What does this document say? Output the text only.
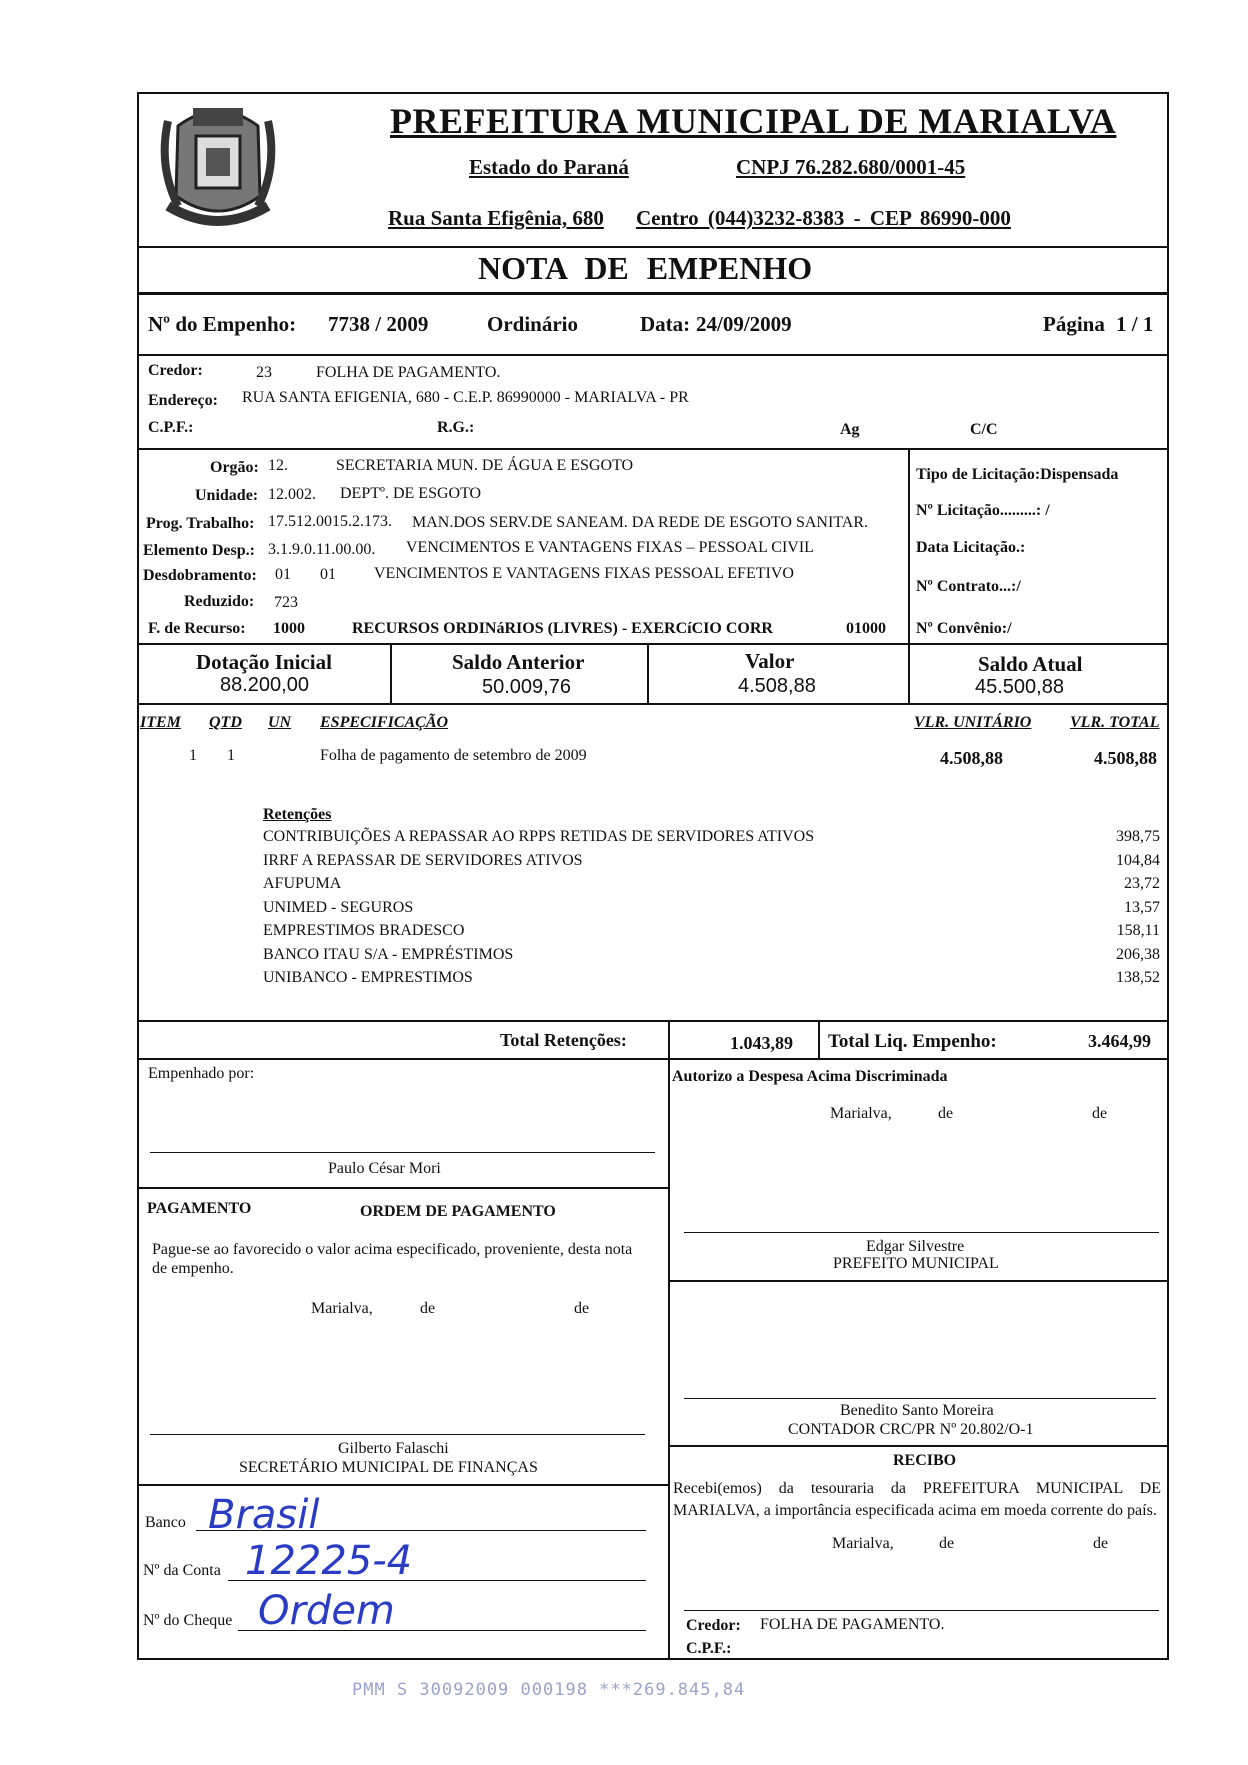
PREFEITURA MUNICIPAL DE MARIALVA
Estado do Paraná	CNPJ 76.282.680/0001-45
Rua Santa Efigênia, 680 Centro (044)3232-8383 - CEP 86990-000
NOTA DE EMPENHO
Nº do Empenho: 7738 / 2009	Ordinário	Data: 24/09/2009	Página 1 / 1
Credor:	23	FOLHA DE PAGAMENTO.
Endereço: RUA SANTA EFIGENIA, 680 - C.E.P. 86990000 - MARIALVA - PR
C.P.F.:	R.G.:	Ag	C/C
Orgão: 12.	SECRETARIA MUN. DE ÁGUA E ESGOTO
Unidade: 12.002. DEPTº. DE ESGOTO
Prog. Trabalho: 17.512.0015.2.173. MAN.DOS SERV.DE SANEAM. DA REDE DE ESGOTO SANITAR.
Elemento Desp.: 3.1.9.0.11.00.00. VENCIMENTOS E VANTAGENS FIXAS – PESSOAL CIVIL
Desdobramento: 01 01 VENCIMENTOS E VANTAGENS FIXAS PESSOAL EFETIVO
Reduzido: 723
F. de Recurso: 1000	RECURSOS ORDINáRIOS (LIVRES) - EXERCíCIO CORR	01000
Tipo de Licitação:Dispensada
Nº Licitação.........: /
Data Licitação.:
Nº Contrato...:/
Nº Convênio:/
Dotação Inicial
88.200,00
Saldo Anterior
50.009,76
Valor
4.508,88
Saldo Atual
45.500,88
ITEM QTD UN ESPECIFICAÇÃO	VLR. UNITÁRIO VLR. TOTAL
1 1	Folha de pagamento de setembro de 2009	4.508,88	4.508,88
Retenções
CONTRIBUIÇÕES A REPASSAR AO RPPS RETIDAS DE SERVIDORES ATIVOS	398,75
IRRF A REPASSAR DE SERVIDORES ATIVOS	104,84
AFUPUMA	23,72
UNIMED - SEGUROS	13,57
EMPRESTIMOS BRADESCO	158,11
BANCO ITAU S/A - EMPRÉSTIMOS	206,38
UNIBANCO - EMPRESTIMOS	138,52
Total Retenções:	1.043,89 Total Liq. Empenho:	3.464,99
Empenhado por:
Paulo César Mori
Autorizo a Despesa Acima Discriminada
Marialva,	de	de
Edgar Silvestre
PREFEITO MUNICIPAL
PAGAMENTO	ORDEM DE PAGAMENTO
Pague-se ao favorecido o valor acima especificado, proveniente, desta nota de empenho.
Marialva,	de	de
Gilberto Falaschi
SECRETÁRIO MUNICIPAL DE FINANÇAS
Benedito Santo Moreira
CONTADOR CRC/PR Nº 20.802/O-1
RECIBO
Recebi(emos) da tesouraria da PREFEITURA MUNICIPAL DE MARIALVA, a importância especificada acima em moeda corrente do país.
Marialva,	de	de
Credor: FOLHA DE PAGAMENTO.
C.P.F.:
Banco Brasil
Nº da Conta 12225-4
Nº do Cheque Ordem
PMM S 30092009 000198 ***269.845,84
